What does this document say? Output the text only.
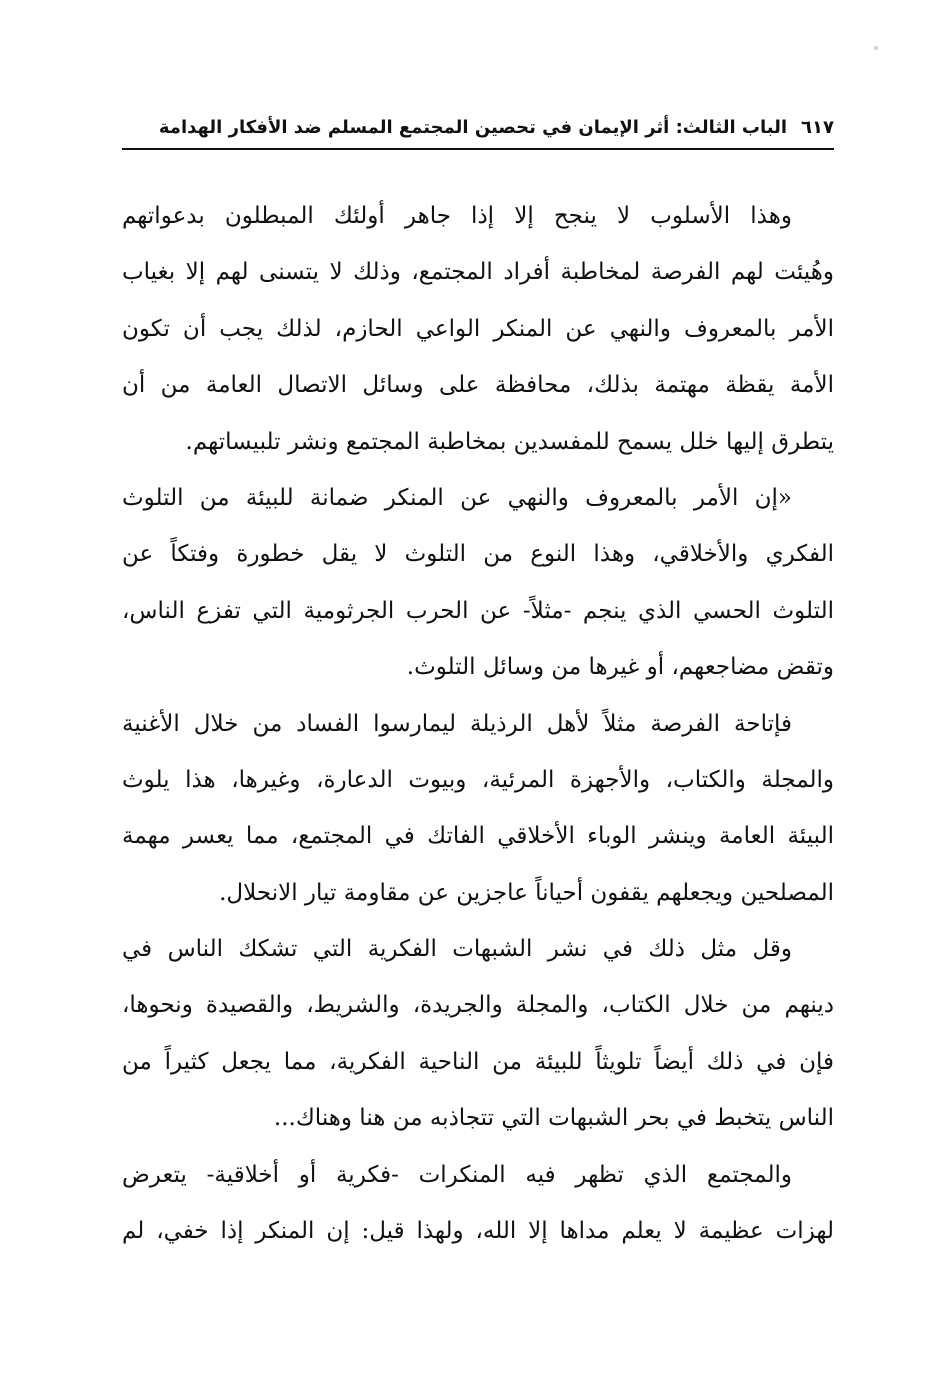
٦١٧
الباب الثالث: أثر الإيمان في تحصين المجتمع المسلم ضد الأفكار الهدامة
وهذا الأسلوب لا ينجح إلا إذا جاهر أولئك المبطلون بدعواتهم
وهُيئت لهم الفرصة لمخاطبة أفراد المجتمع، وذلك لا يتسنى لهم إلا بغياب
الأمر بالمعروف والنهي عن المنكر الواعي الحازم، لذلك يجب أن تكون
الأمة يقظة مهتمة بذلك، محافظة على وسائل الاتصال العامة من أن
يتطرق إليها خلل يسمح للمفسدين بمخاطبة المجتمع ونشر تلبيساتهم.
«إن الأمر بالمعروف والنهي عن المنكر ضمانة للبيئة من التلوث
الفكري والأخلاقي، وهذا النوع من التلوث لا يقل خطورة وفتكاً عن
التلوث الحسي الذي ينجم -مثلاً- عن الحرب الجرثومية التي تفزع الناس،
وتقض مضاجعهم، أو غيرها من وسائل التلوث.
فإتاحة الفرصة مثلاً لأهل الرذيلة ليمارسوا الفساد من خلال الأغنية
والمجلة والكتاب، والأجهزة المرئية، وبيوت الدعارة، وغيرها، هذا يلوث
البيئة العامة وينشر الوباء الأخلاقي الفاتك في المجتمع، مما يعسر مهمة
المصلحين ويجعلهم يقفون أحياناً عاجزين عن مقاومة تيار الانحلال.
وقل مثل ذلك في نشر الشبهات الفكرية التي تشكك الناس في
دينهم من خلال الكتاب، والمجلة والجريدة، والشريط، والقصيدة ونحوها،
فإن في ذلك أيضاً تلويثاً للبيئة من الناحية الفكرية، مما يجعل كثيراً من
الناس يتخبط في بحر الشبهات التي تتجاذبه من هنا وهناك...
والمجتمع الذي تظهر فيه المنكرات -فكرية أو أخلاقية- يتعرض
لهزات عظيمة لا يعلم مداها إلا الله، ولهذا قيل: إن المنكر إذا خفي، لم
